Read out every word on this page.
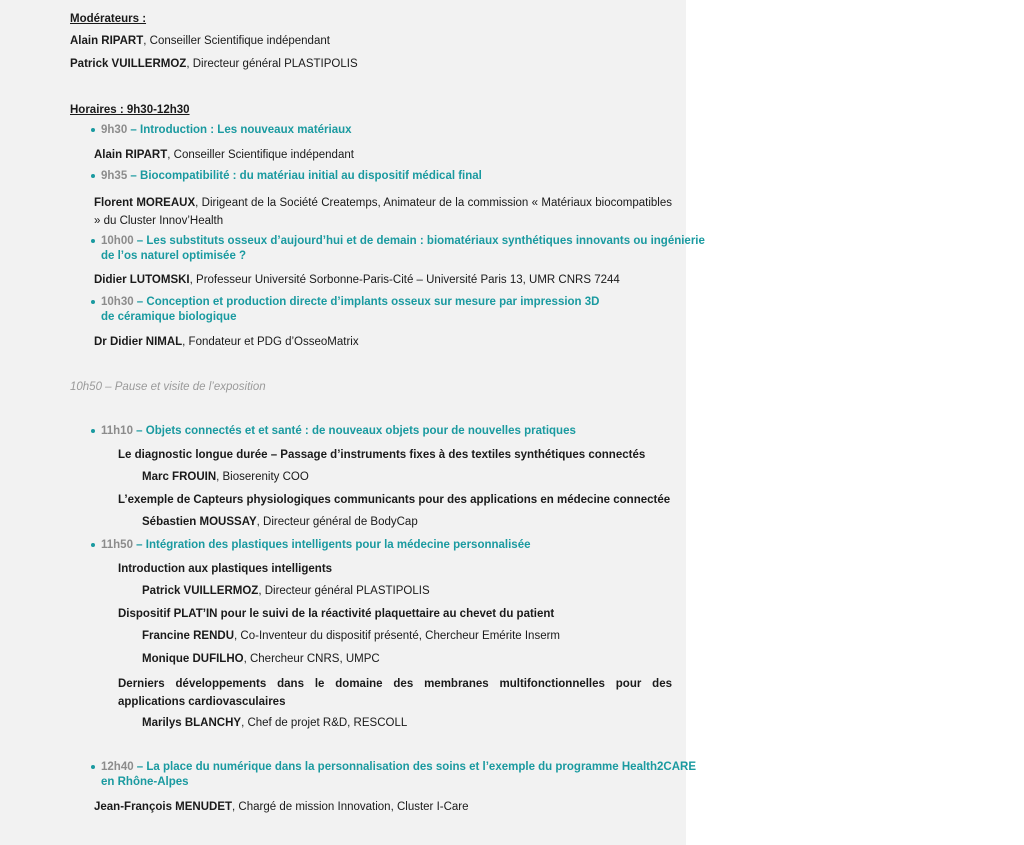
Modérateurs :
Alain RIPART, Conseiller Scientifique indépendant
Patrick VUILLERMOZ, Directeur général PLASTIPOLIS
Horaires : 9h30-12h30
9h30 – Introduction : Les nouveaux matériaux
Alain RIPART, Conseiller Scientifique indépendant
9h35 – Biocompatibilité : du matériau initial au dispositif médical final
Florent MOREAUX, Dirigeant de la Société Createmps, Animateur de la commission « Matériaux biocompatibles » du Cluster Innov’Health
10h00 – Les substituts osseux d’aujourd’hui et de demain : biomatériaux synthétiques innovants ou ingénierie
de l’os naturel optimisée ?
Didier LUTOMSKI, Professeur Université Sorbonne-Paris-Cité – Université Paris 13, UMR CNRS 7244
10h30 – Conception et production directe d’implants osseux sur mesure par impression 3D
de céramique biologique
Dr Didier NIMAL, Fondateur et PDG d’OsseoMatrix
10h50 – Pause et visite de l’exposition
11h10 – Objets connectés et et santé : de nouveaux objets pour de nouvelles pratiques
Le diagnostic longue durée – Passage d’instruments fixes à des textiles synthétiques connectés
Marc FROUIN, Bioserenity COO
L’exemple de Capteurs physiologiques communicants pour des applications en médecine connectée
Sébastien MOUSSAY, Directeur général de BodyCap
11h50 – Intégration des plastiques intelligents pour la médecine personnalisée
Introduction aux plastiques intelligents
Patrick VUILLERMOZ, Directeur général PLASTIPOLIS
Dispositif PLAT’IN pour le suivi de la réactivité plaquettaire au chevet du patient
Francine RENDU, Co-Inventeur du dispositif présenté, Chercheur Emérite Inserm
Monique DUFILHO, Chercheur CNRS, UMPC
Derniers développements dans le domaine des membranes multifonctionnelles pour des applications cardiovasculaires
Marilys BLANCHY, Chef de projet R&D, RESCOLL
12h40 – La place du numérique dans la personnalisation des soins et l’exemple du programme Health2CARE
en Rhône-Alpes
Jean-François MENUDET, Chargé de mission Innovation, Cluster I-Care
